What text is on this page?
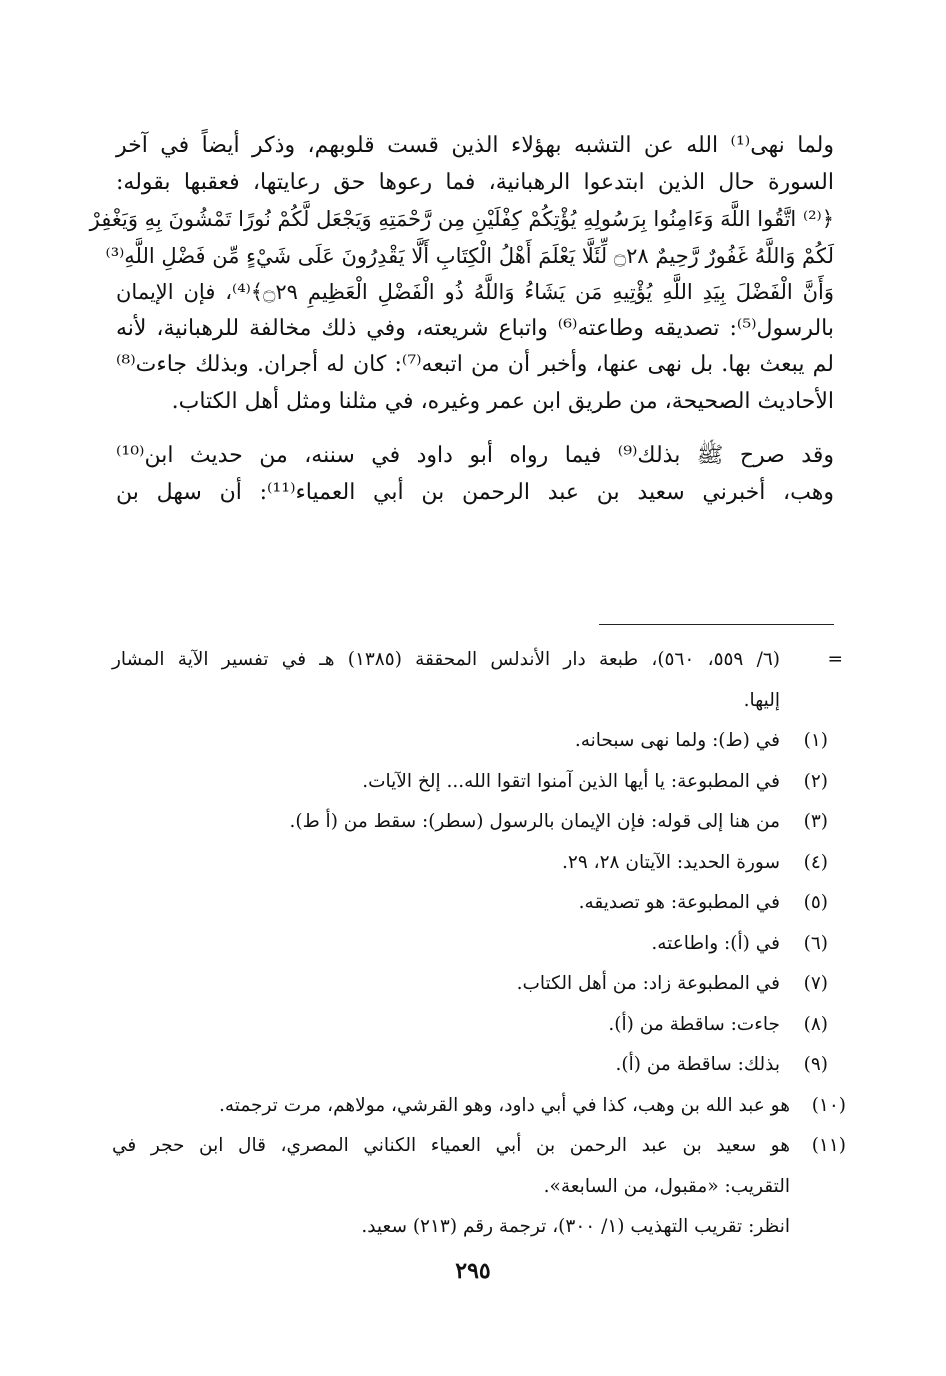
ولما نهى⁽¹⁾ الله عن التشبه بهؤلاء الذين قست قلوبهم، وذكر أيضاً في آخر
السورة حال الذين ابتدعوا الرهبانية، فما رعوها حق رعايتها، فعقبها بقوله:
﴿⁽²⁾ اتَّقُوا اللَّهَ وَءَامِنُوا بِرَسُولِهِ يُؤْتِكُمْ كِفْلَيْنِ مِن رَّحْمَتِهِ وَيَجْعَل لَّكُمْ نُورًا تَمْشُونَ بِهِ وَيَغْفِرْ
لَكُمْ وَاللَّهُ غَفُورٌ رَّحِيمٌ ۝٢٨ لِّئَلَّا يَعْلَمَ أَهْلُ الْكِتَابِ أَلَّا يَقْدِرُونَ عَلَى شَيْءٍ مِّن فَضْلِ اللَّهِ⁽³⁾
وَأَنَّ الْفَضْلَ بِيَدِ اللَّهِ يُؤْتِيهِ مَن يَشَاءُ وَاللَّهُ ذُو الْفَضْلِ الْعَظِيمِ ۝٢٩﴾⁽⁴⁾، فإن الإيمان
بالرسول⁽⁵⁾: تصديقه وطاعته⁽⁶⁾ واتباع شريعته، وفي ذلك مخالفة للرهبانية، لأنه
لم يبعث بها. بل نهى عنها، وأخبر أن من اتبعه⁽⁷⁾: كان له أجران. وبذلك جاءت⁽⁸⁾
الأحاديث الصحيحة، من طريق ابن عمر وغيره، في مثلنا ومثل أهل الكتاب.
وقد صرح ﷺ بذلك⁽⁹⁾ فيما رواه أبو داود في سننه، من حديث ابن⁽¹⁰⁾
وهب، أخبرني سعيد بن عبد الرحمن بن أبي العمياء⁽¹¹⁾: أن سهل بن
=
(٦/ ٥٥٩، ٥٦٠)، طبعة دار الأندلس المحققة (١٣٨٥) هـ في تفسير الآية المشار
إليها.
(١)
في (ط): ولما نهى سبحانه.
(٢)
في المطبوعة: يا أيها الذين آمنوا اتقوا الله... إلخ الآيات.
(٣)
من هنا إلى قوله: فإن الإيمان بالرسول (سطر): سقط من (أ ط).
(٤)
سورة الحديد: الآيتان ٢٨، ٢٩.
(٥)
في المطبوعة: هو تصديقه.
(٦)
في (أ): واطاعته.
(٧)
في المطبوعة زاد: من أهل الكتاب.
(٨)
جاءت: ساقطة من (أ).
(٩)
بذلك: ساقطة من (أ).
(١٠)
هو عبد الله بن وهب، كذا في أبي داود، وهو القرشي، مولاهم، مرت ترجمته.
(١١)
هو سعيد بن عبد الرحمن بن أبي العمياء الكناني المصري، قال ابن حجر في
التقريب: «مقبول، من السابعة».
انظر: تقريب التهذيب (١/ ٣٠٠)، ترجمة رقم (٢١٣) سعيد.
٢٩٥
